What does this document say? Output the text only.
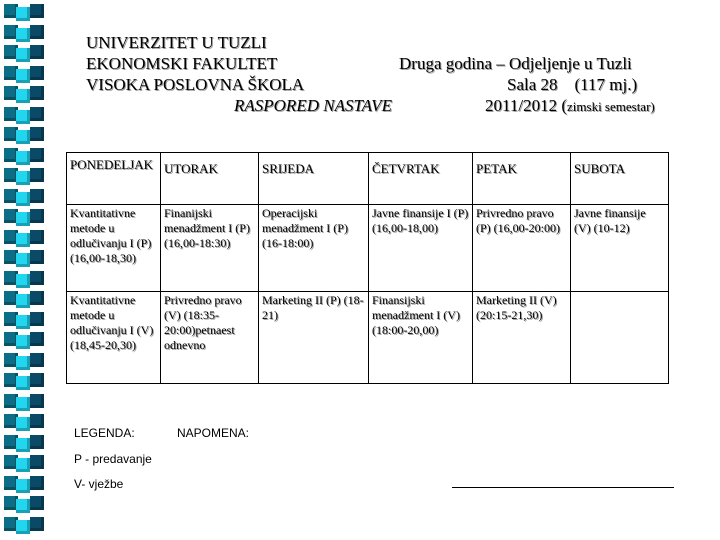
UNIVERZITET U TUZLI
EKONOMSKI FAKULTET	Druga godina – Odjeljenje u Tuzli
VISOKA POSLOVNA ŠKOLA	Sala 28    (117 mj.)
RASPORED NASTAVE	2011/2012 (zimski semestar)
PONEDELJAK	UTORAK	SRIJEDA	ČETVRTAK	PETAK	SUBOTA
Kvantitativne metode u odlučivanju I (P) (16,00-18,30)	Finanijski menadžment I (P) (16,00-18:30)	Operacijski menadžment I (P) (16-18:00)	Javne finansije I (P) (16,00-18,00)	Privredno pravo (P) (16,00-20:00)	Javne finansije (V) (10-12)
Kvantitativne metode u odlučivanju I (V) (18,45-20,30)	Privredno pravo (V) (18:35-20:00)petnaest odnevno	Marketing II (P) (18-21)	Finansijski menadžment I (V) (18:00-20,00)	Marketing II (V) (20:15-21,30)	
LEGENDA:	NAPOMENA:
P - predavanje
V- vježbe
